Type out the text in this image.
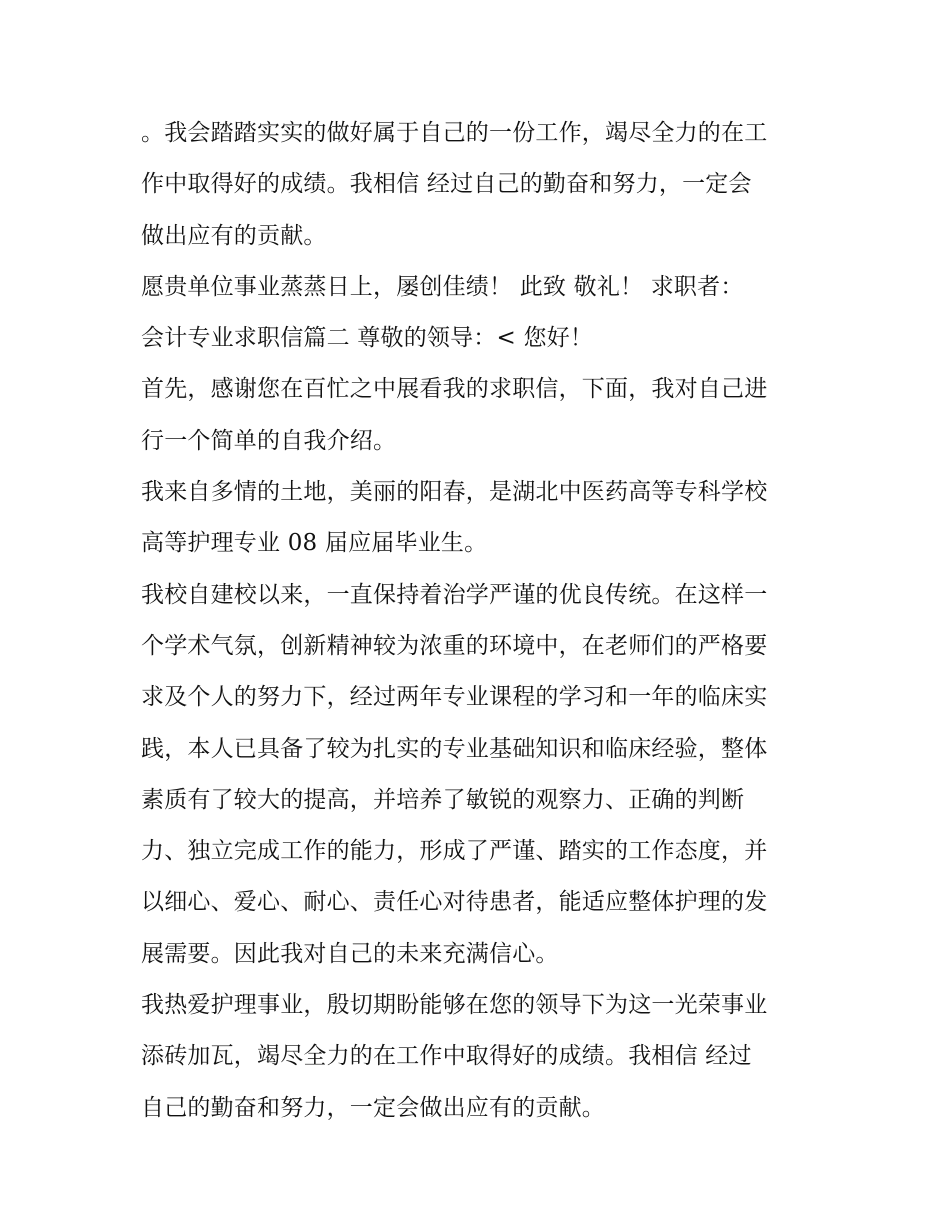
。我会踏踏实实的做好属于自己的一份工作，竭尽全力的在工
作中取得好的成绩。我相信 经过自己的勤奋和努力，一定会
做出应有的贡献。
愿贵单位事业蒸蒸日上，屡创佳绩！ 此致 敬礼！ 求职者：
会计专业求职信篇二 尊敬的领导：< 您好！
首先，感谢您在百忙之中展看我的求职信，下面，我对自己进
行一个简单的自我介绍。
我来自多情的土地，美丽的阳春，是湖北中医药高等专科学校
高等护理专业 08 届应届毕业生。
我校自建校以来，一直保持着治学严谨的优良传统。在这样一
个学术气氛，创新精神较为浓重的环境中，在老师们的严格要
求及个人的努力下，经过两年专业课程的学习和一年的临床实
践，本人已具备了较为扎实的专业基础知识和临床经验，整体
素质有了较大的提高，并培养了敏锐的观察力、正确的判断
力、独立完成工作的能力，形成了严谨、踏实的工作态度，并
以细心、爱心、耐心、责任心对待患者，能适应整体护理的发
展需要。因此我对自己的未来充满信心。
我热爱护理事业，殷切期盼能够在您的领导下为这一光荣事业
添砖加瓦，竭尽全力的在工作中取得好的成绩。我相信 经过
自己的勤奋和努力，一定会做出应有的贡献。
